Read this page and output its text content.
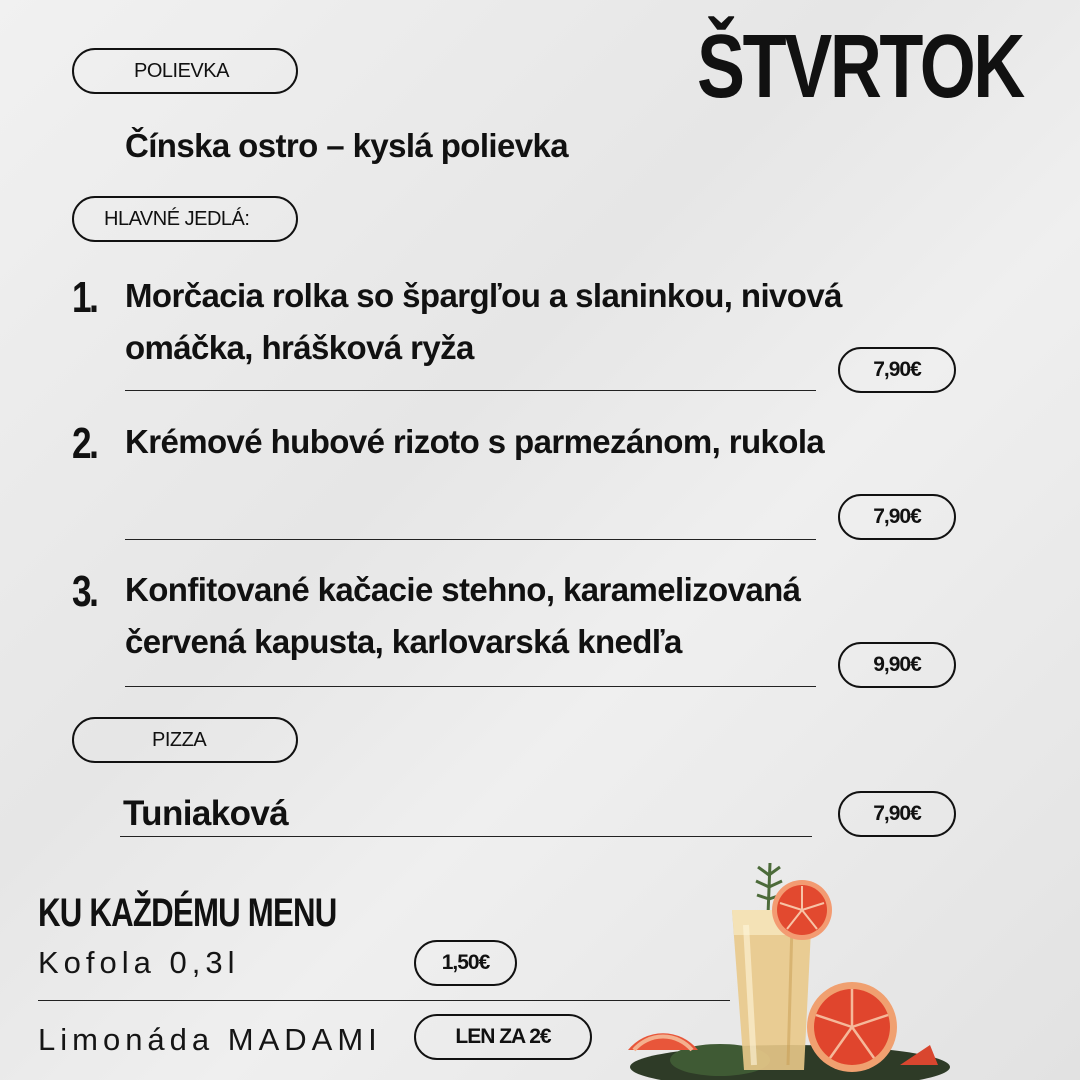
ŠTVRTOK
POLIEVKA
Čínska ostro – kyslá polievka
HLAVNÉ JEDLÁ:
1. Morčacia rolka so špargľou a slaninkou, nivová
omáčka, hrášková ryža
7,90€
2. Krémové hubové rizoto s parmezánom, rukola
7,90€
3. Konfitované kačacie stehno, karamelizovaná
červená kapusta, karlovarská knedľa
9,90€
PIZZA
Tuniaková	7,90€
KU KAŽDÉMU MENU
Kofola 0,3l	1,50€
Limonáda MADAMI	LEN ZA 2€
